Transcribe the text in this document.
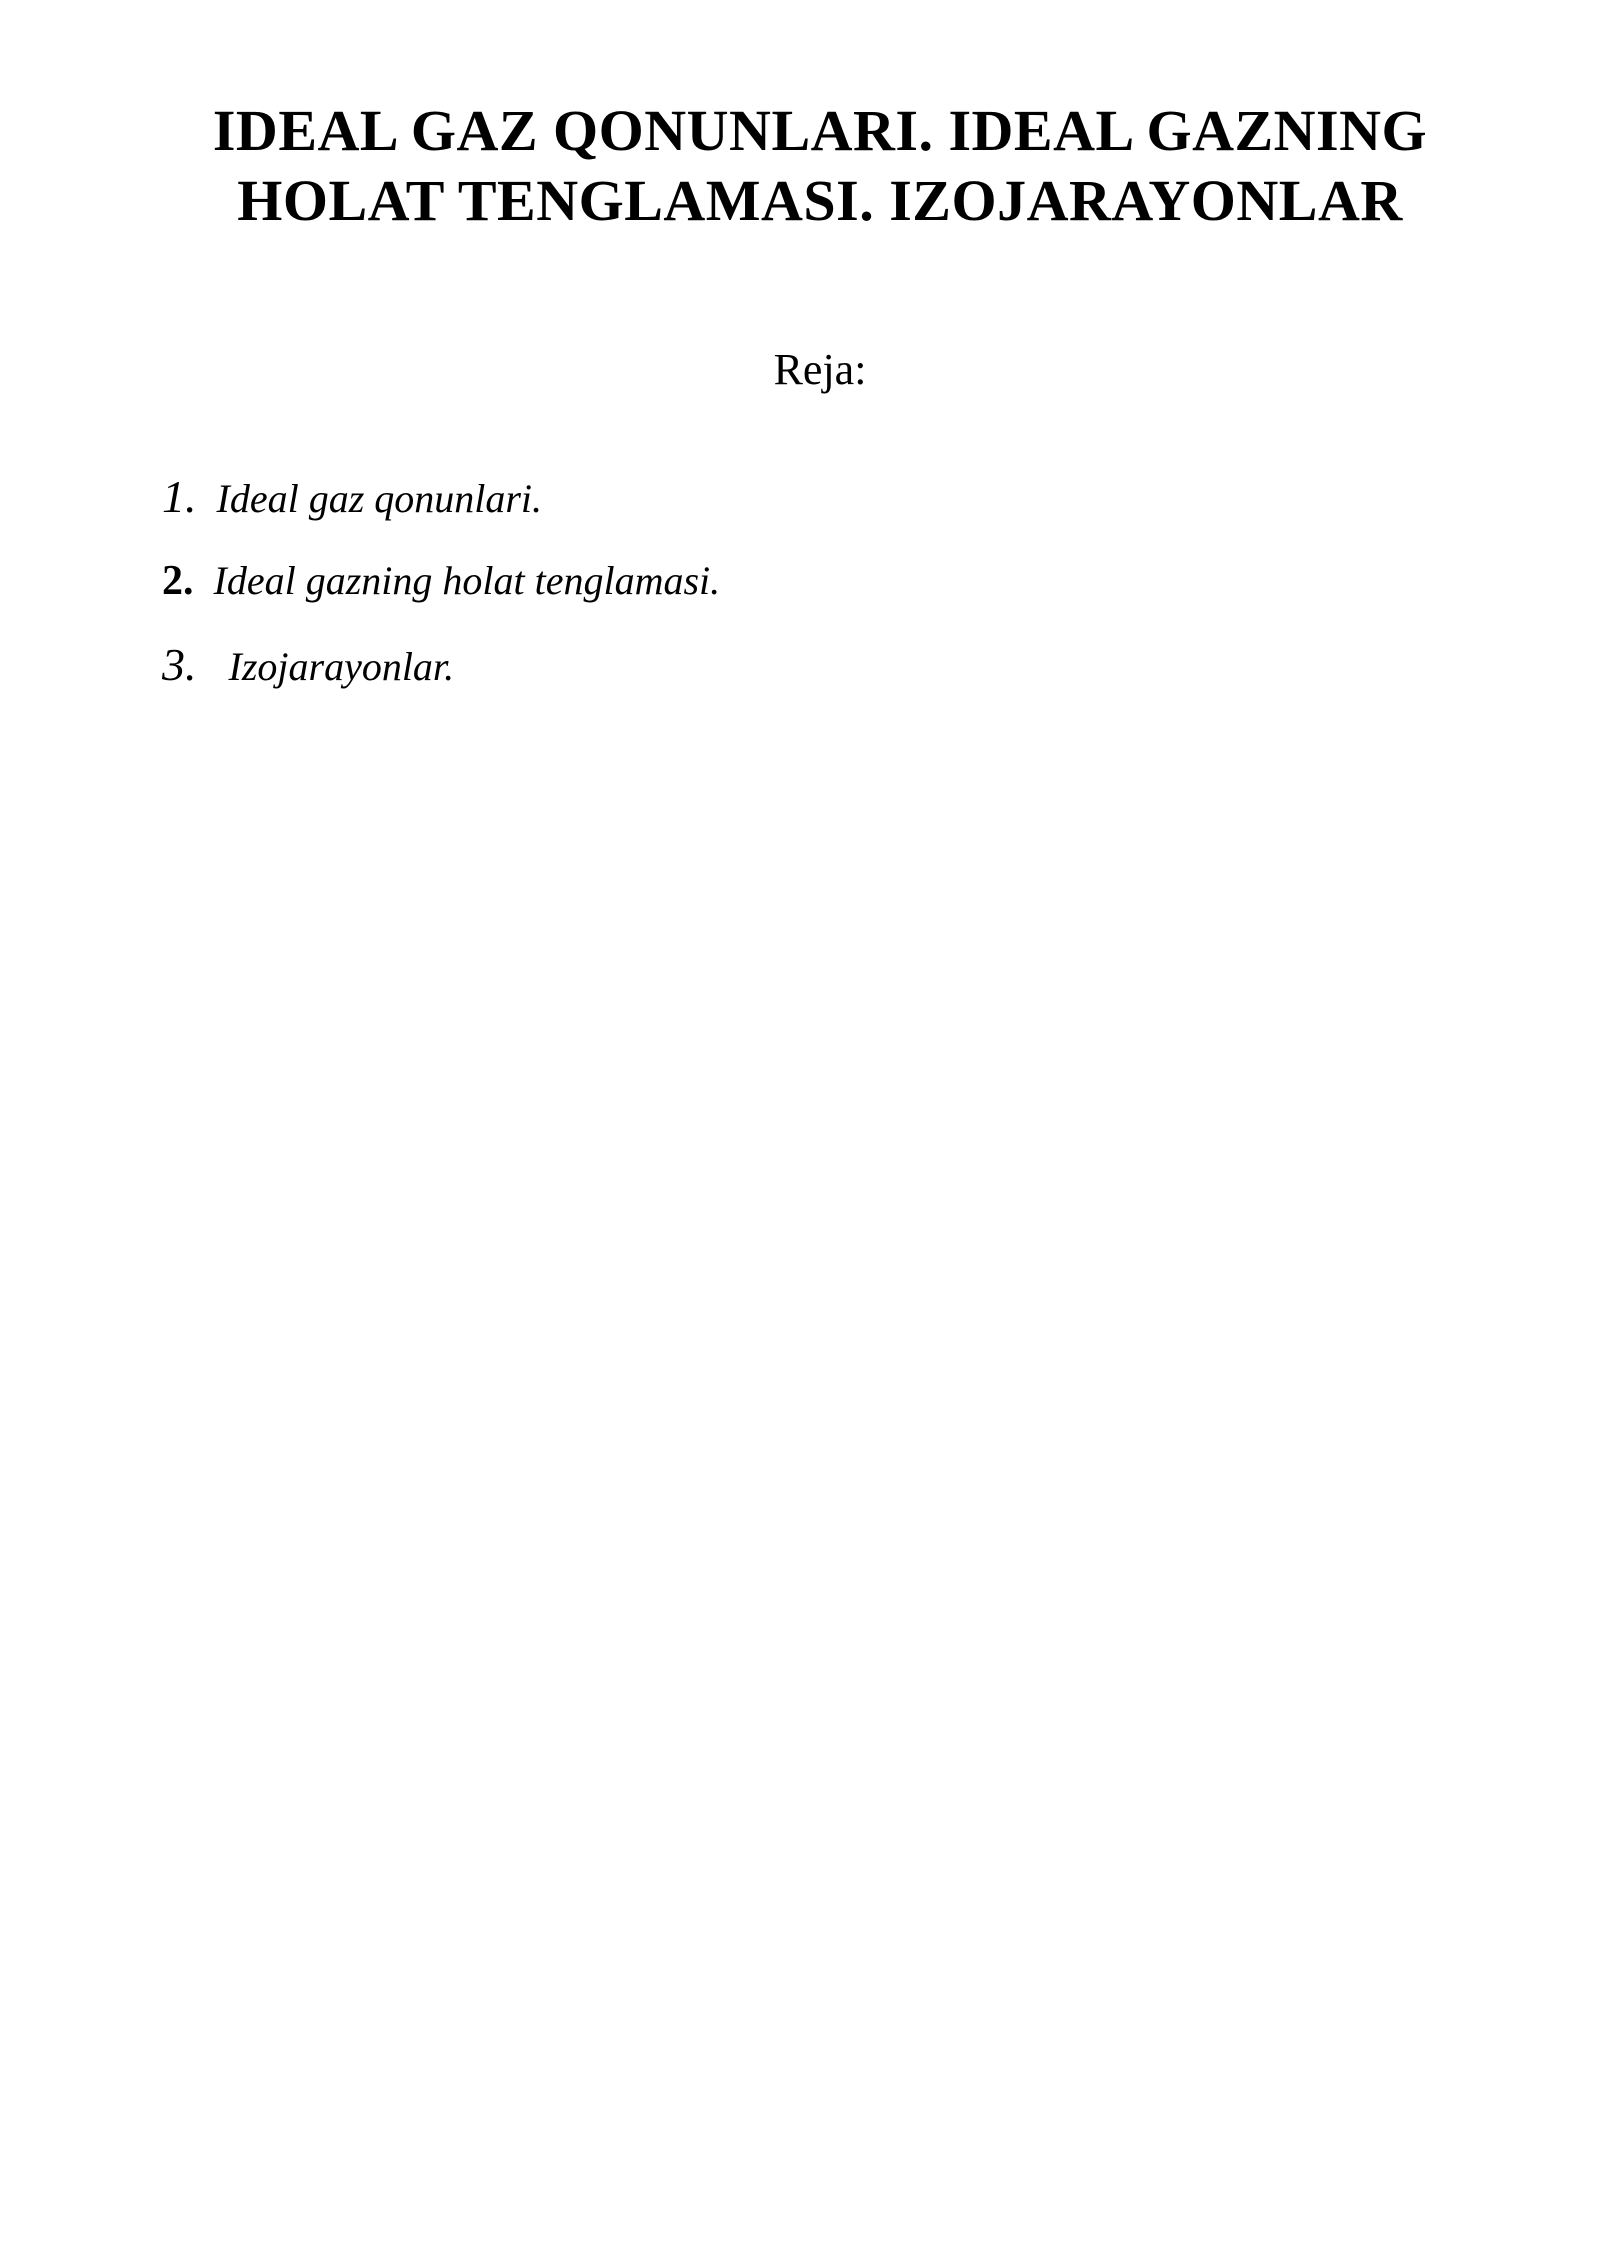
IDEAL GAZ QONUNLARI. IDEAL GAZNING
HOLAT TENGLAMASI. IZOJARAYONLAR

Reja:

1. Ideal gaz qonunlari.
2. Ideal gazning holat tenglamasi.
3. Izojarayonlar.
